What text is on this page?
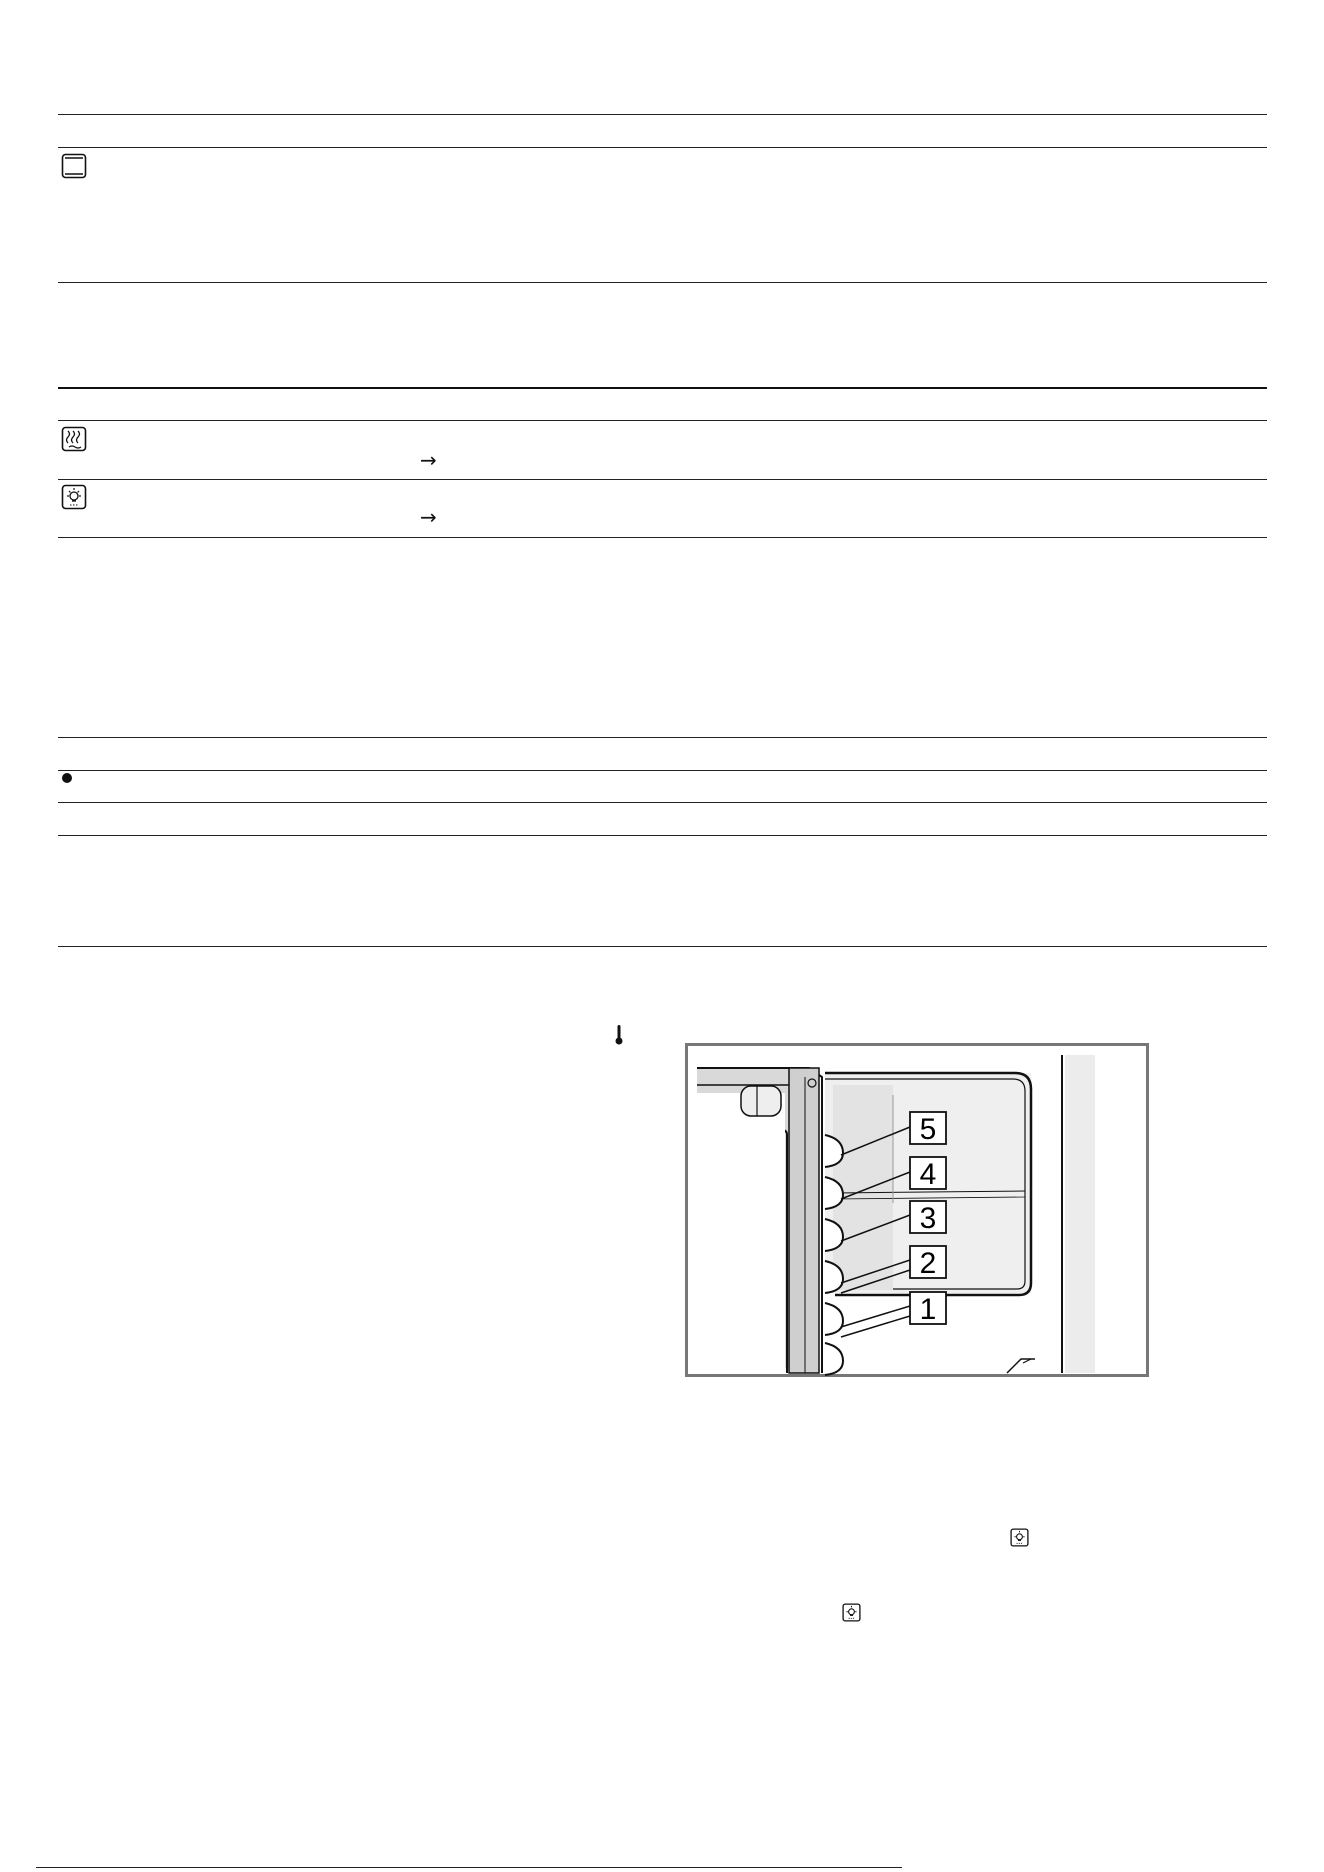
→
→
5
4
3
2
1
